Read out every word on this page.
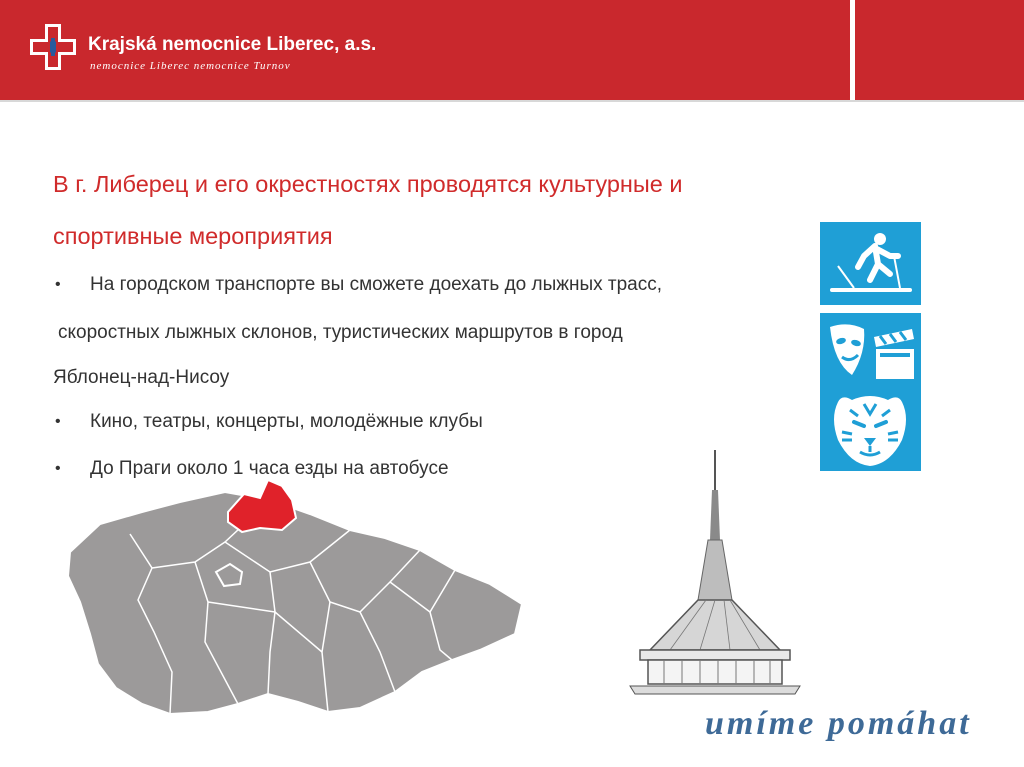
Krajská nemocnice Liberec, a.s.
nemocnice Liberec nemocnice Turnov
В г. Либерец и его окрестностях проводятся культурные и спортивные мероприятия
• На городском транспорте вы сможете доехать до лыжных трасс,
скоростных лыжных склонов, туристических маршрутов в город
Яблонец-над-Нисоу
• Кино, театры, концерты, молодёжные клубы
• До Праги около 1 часа езды на автобусе
umíme pomáhat
